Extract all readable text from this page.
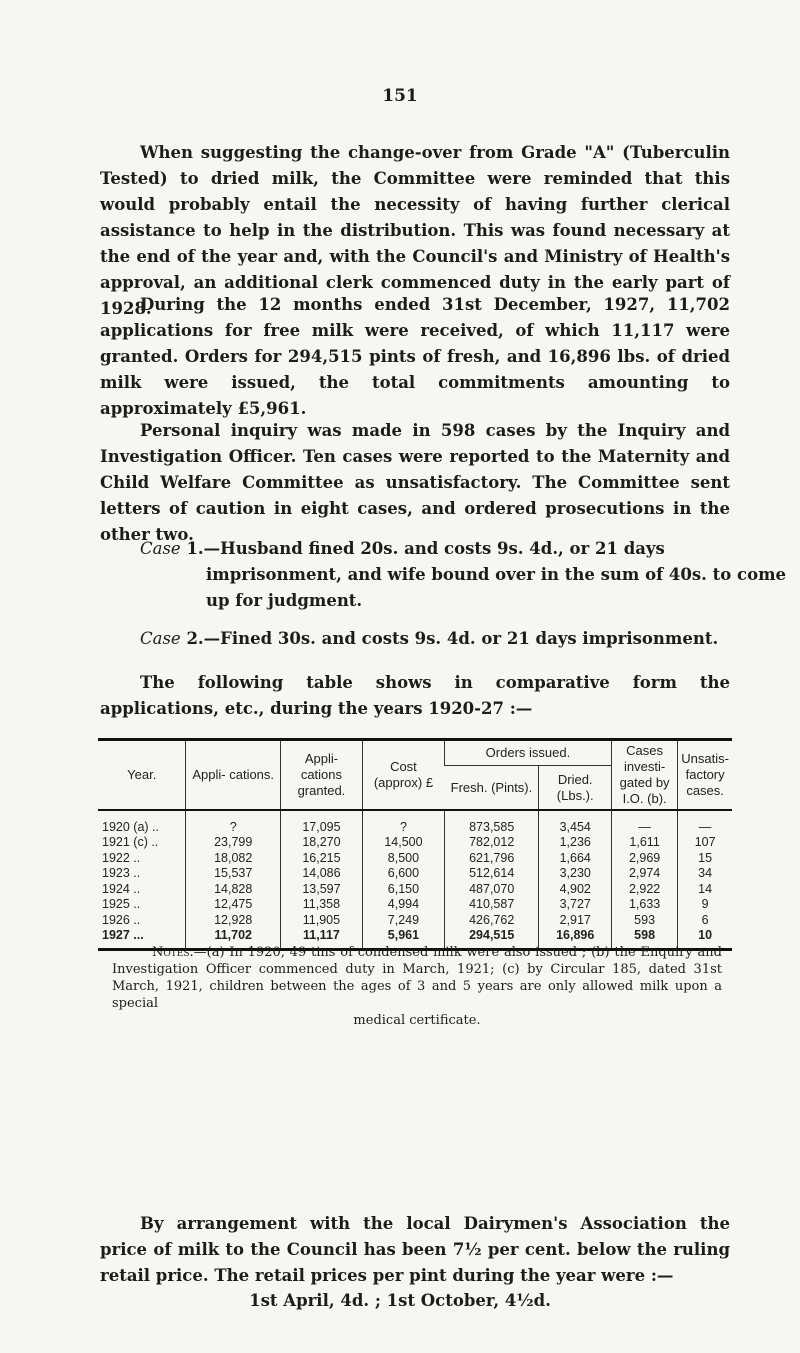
151

When suggesting the change-over from Grade "A" (Tuberculin Tested) to dried milk, the Committee were reminded that this would probably entail the necessity of having further clerical assistance to help in the distribution. This was found necessary at the end of the year and, with the Council's and Ministry of Health's approval, an additional clerk commenced duty in the early part of 1928.

During the 12 months ended 31st December, 1927, 11,702 applications for free milk were received, of which 11,117 were granted. Orders for 294,515 pints of fresh, and 16,896 lbs. of dried milk were issued, the total commitments amounting to approximately £5,961.

Personal inquiry was made in 598 cases by the Inquiry and Investigation Officer. Ten cases were reported to the Maternity and Child Welfare Committee as unsatisfactory. The Committee sent letters of caution in eight cases, and ordered prosecutions in the other two.

Case 1.—Husband fined 20s. and costs 9s. 4d., or 21 days imprisonment, and wife bound over in the sum of 40s. to come up for judgment.

Case 2.—Fined 30s. and costs 9s. 4d. or 21 days imprisonment.

The following table shows in comparative form the applications, etc., during the years 1920-27 :—

Year.	Appli- cations.	Appli- cations granted.	Cost (approx) £	Orders issued.		Cases investi- gated by I.O. (b).	Unsatis- factory cases.
				Fresh. (Pints).	Dried. (Lbs.).		
1920 (a) ..	?	17,095	?	873,585	3,454	—	—
1921 (c) ..	23,799	18,270	14,500	782,012	1,236	1,611	107
1922 ..	18,082	16,215	8,500	621,796	1,664	2,969	15
1923 ..	15,537	14,086	6,600	512,614	3,230	2,974	34
1924 ..	14,828	13,597	6,150	487,070	4,902	2,922	14
1925 ..	12,475	11,358	4,994	410,587	3,727	1,633	9
1926 ..	12,928	11,905	7,249	426,762	2,917	593	6
1927 ...	11,702	11,117	5,961	294,515	16,896	598	10

Notes.—(a) In 1920, 49 tins of condensed milk were also issued ; (b) the Enquiry and Investigation Officer commenced duty in March, 1921; (c) by Circular 185, dated 31st March, 1921, children between the ages of 3 and 5 years are only allowed milk upon a special
medical certificate.

By arrangement with the local Dairymen's Association the price of milk to the Council has been 7½ per cent. below the ruling retail price. The retail prices per pint during the year were :—

1st April, 4d. ; 1st October, 4½d.
